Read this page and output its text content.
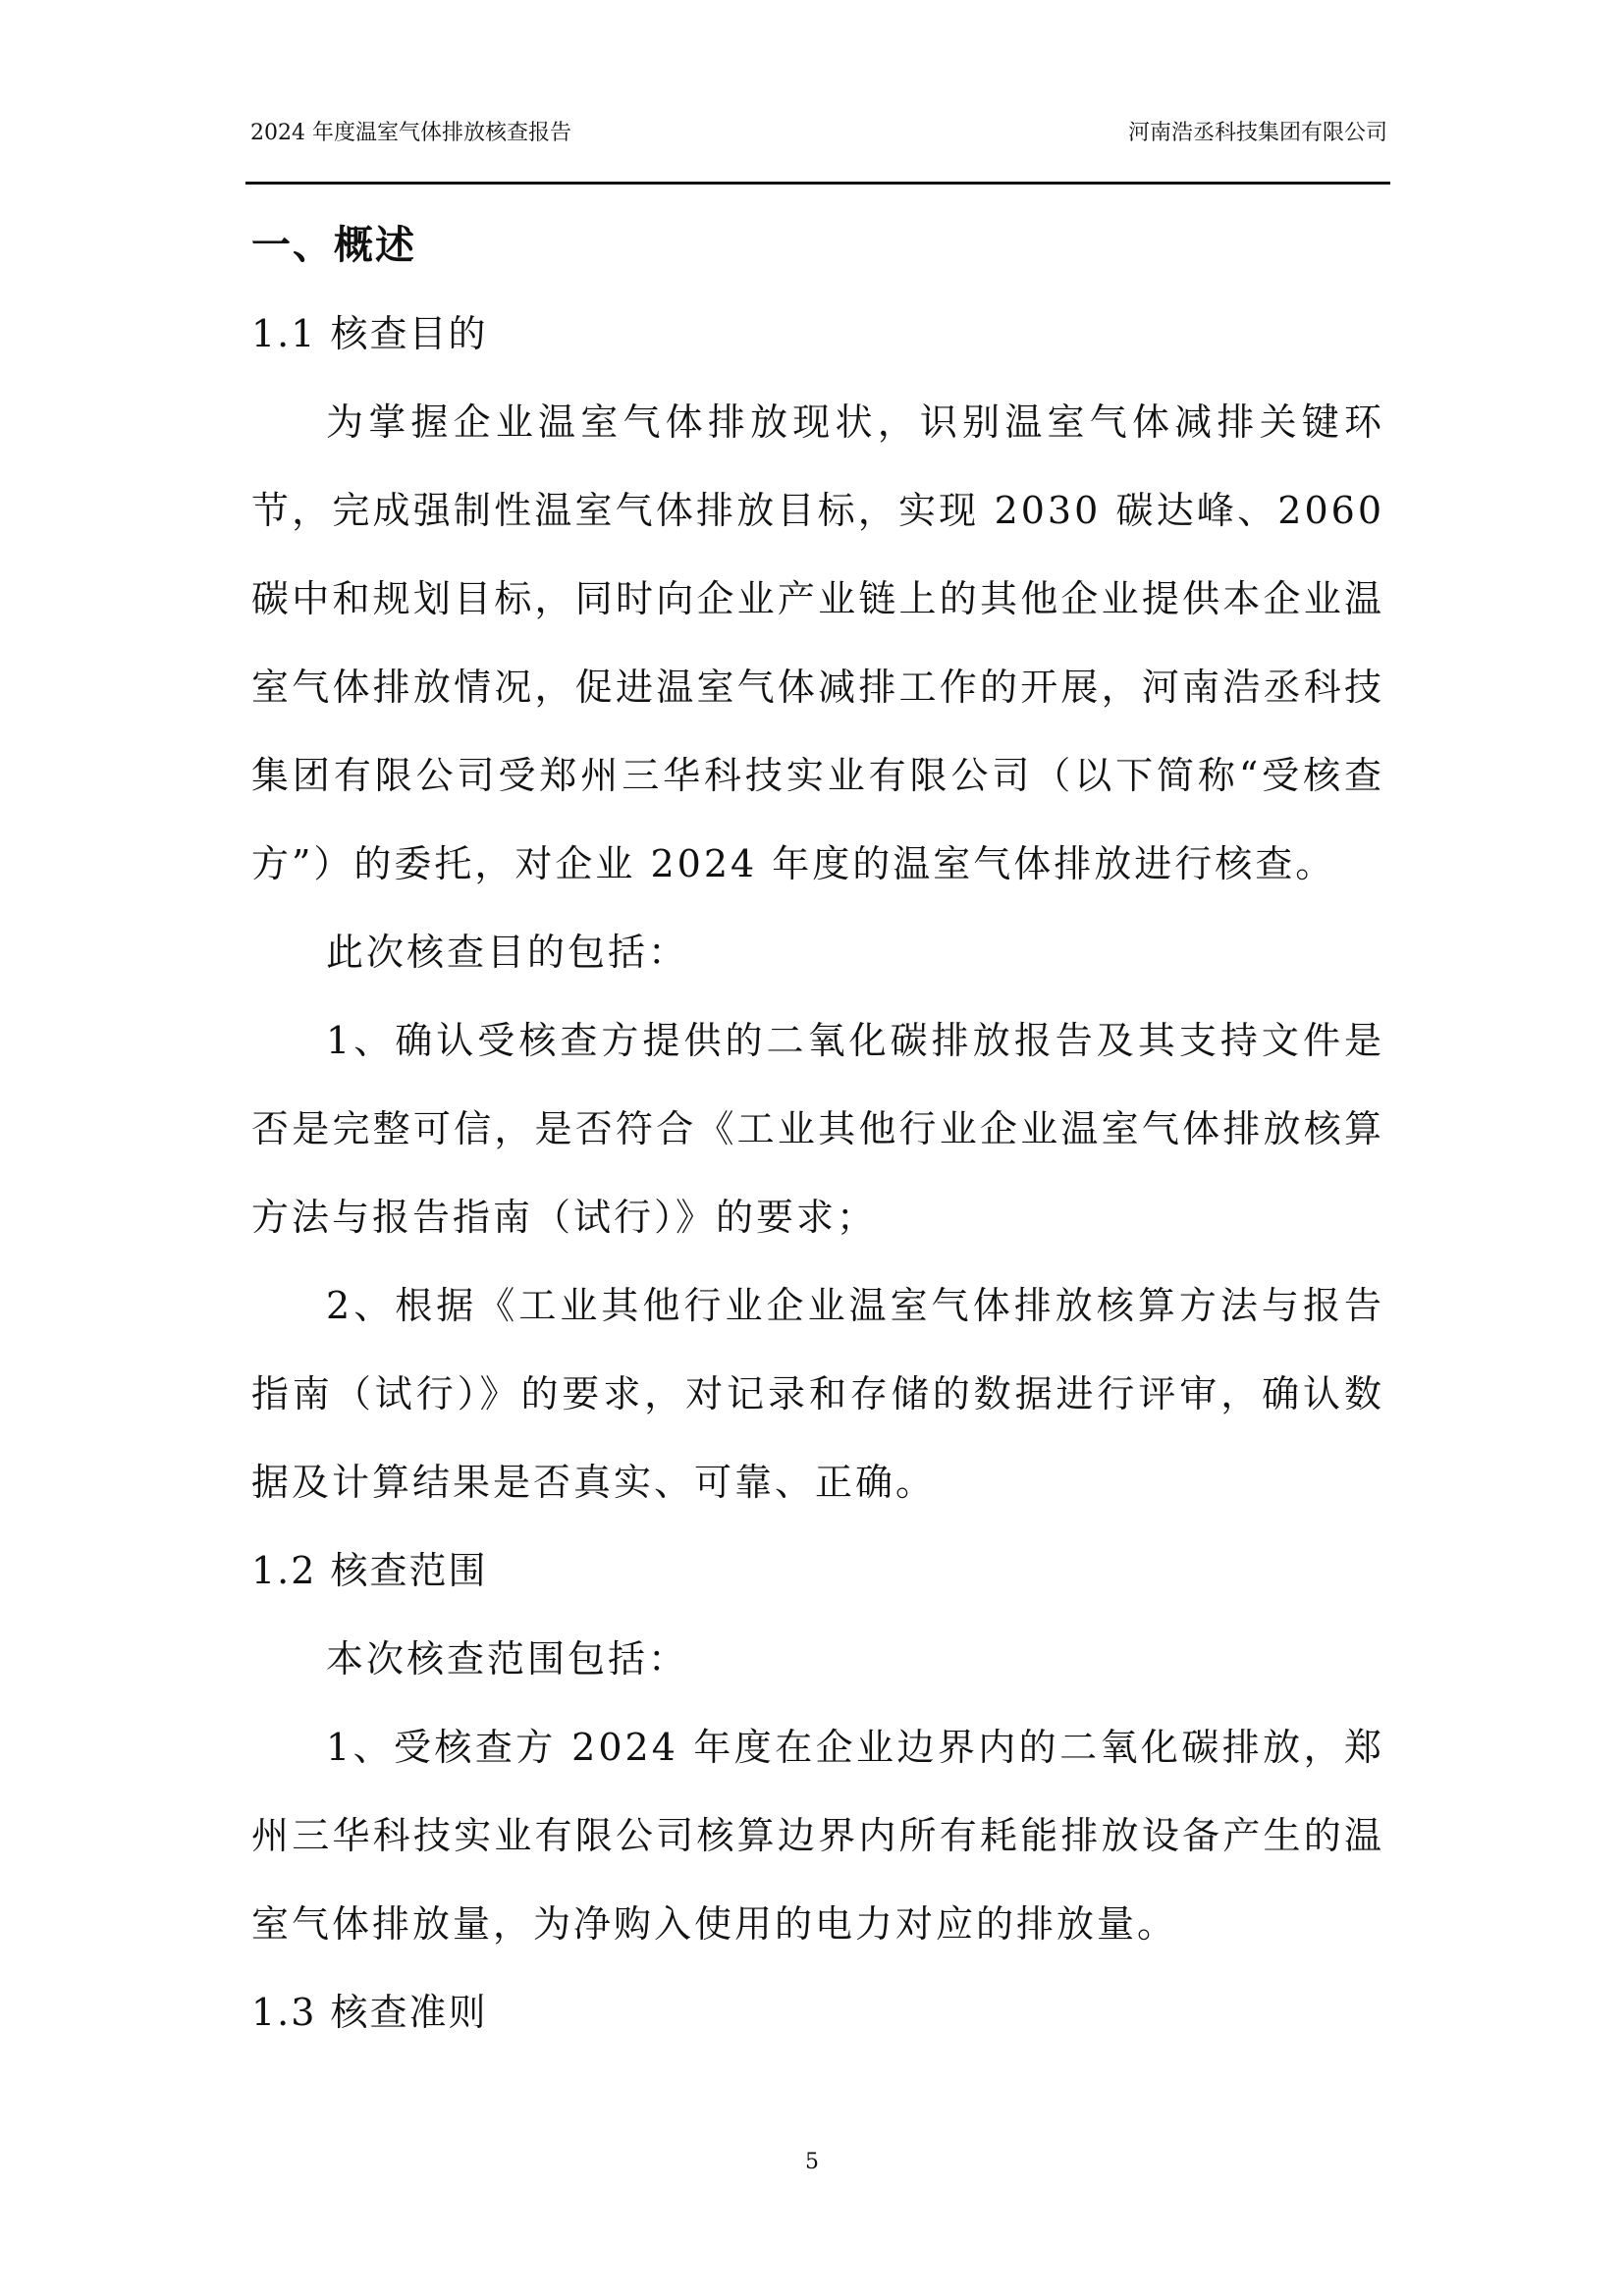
2024 年度温室气体排放核查报告	河南浩丞科技集团有限公司

一、概述

1.1 核查目的

为掌握企业温室气体排放现状，识别温室气体减排关键环节，完成强制性温室气体排放目标，实现 2030 碳达峰、2060 碳中和规划目标，同时向企业产业链上的其他企业提供本企业温室气体排放情况，促进温室气体减排工作的开展，河南浩丞科技集团有限公司受郑州三华科技实业有限公司（以下简称“受核查方”）的委托，对企业 2024 年度的温室气体排放进行核查。

此次核查目的包括：

1、确认受核查方提供的二氧化碳排放报告及其支持文件是否是完整可信，是否符合《工业其他行业企业温室气体排放核算方法与报告指南（试行）》的要求；

2、根据《工业其他行业企业温室气体排放核算方法与报告指南（试行）》的要求，对记录和存储的数据进行评审，确认数据及计算结果是否真实、可靠、正确。

1.2 核查范围

本次核查范围包括：

1、受核查方 2024 年度在企业边界内的二氧化碳排放，郑州三华科技实业有限公司核算边界内所有耗能排放设备产生的温室气体排放量，为净购入使用的电力对应的排放量。

1.3 核查准则

5
